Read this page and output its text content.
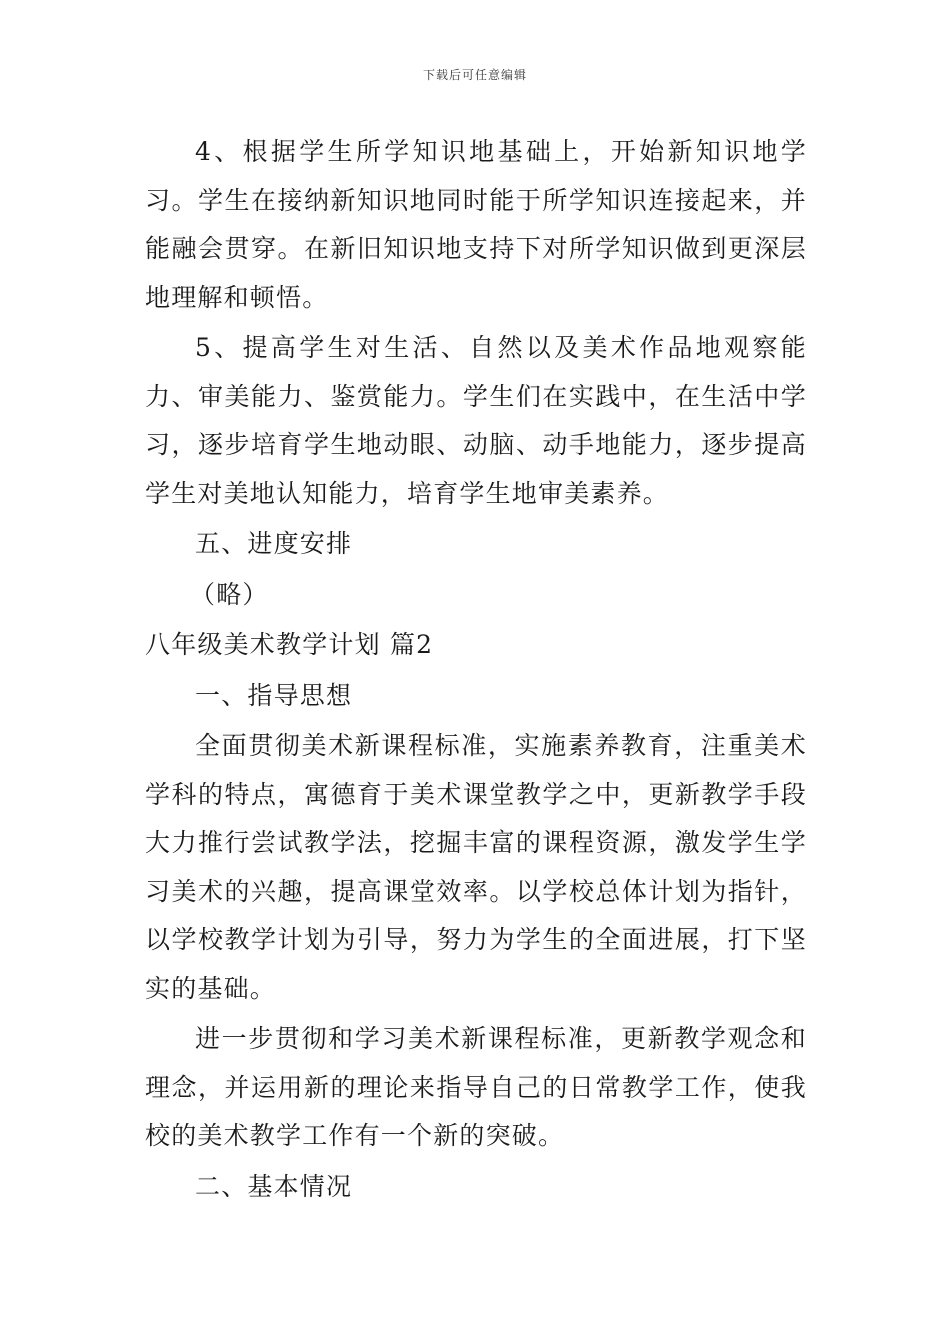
下载后可任意编辑

4、根据学生所学知识地基础上，开始新知识地学习。学生在接纳新知识地同时能于所学知识连接起来，并能融会贯穿。在新旧知识地支持下对所学知识做到更深层地理解和顿悟。

5、提高学生对生活、自然以及美术作品地观察能力、审美能力、鉴赏能力。学生们在实践中，在生活中学习，逐步培育学生地动眼、动脑、动手地能力，逐步提高学生对美地认知能力，培育学生地审美素养。

五、进度安排

（略）

八年级美术教学计划 篇2

一、指导思想

全面贯彻美术新课程标准，实施素养教育，注重美术学科的特点，寓德育于美术课堂教学之中，更新教学手段大力推行尝试教学法，挖掘丰富的课程资源，激发学生学习美术的兴趣，提高课堂效率。以学校总体计划为指针，以学校教学计划为引导，努力为学生的全面进展，打下坚实的基础。

进一步贯彻和学习美术新课程标准，更新教学观念和理念，并运用新的理论来指导自己的日常教学工作，使我校的美术教学工作有一个新的突破。

二、基本情况
